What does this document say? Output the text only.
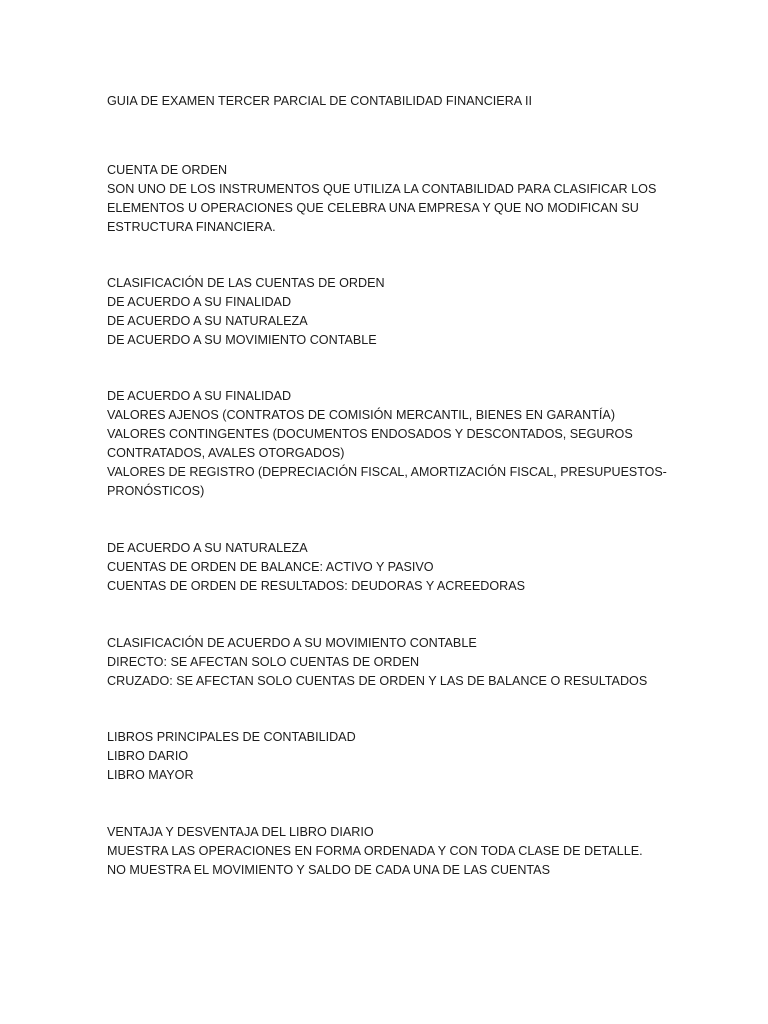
GUIA DE EXAMEN TERCER PARCIAL DE CONTABILIDAD FINANCIERA II

CUENTA DE ORDEN

SON UNO DE LOS INSTRUMENTOS QUE UTILIZA LA CONTABILIDAD PARA CLASIFICAR LOS

ELEMENTOS U OPERACIONES QUE CELEBRA UNA EMPRESA Y QUE NO MODIFICAN SU

ESTRUCTURA FINANCIERA.

CLASIFICACIÓN DE LAS CUENTAS DE ORDEN

DE ACUERDO A SU FINALIDAD

DE ACUERDO A SU NATURALEZA

DE ACUERDO A SU MOVIMIENTO CONTABLE

DE ACUERDO A SU FINALIDAD

VALORES AJENOS (CONTRATOS DE COMISIÓN MERCANTIL, BIENES EN GARANTÍA)

VALORES CONTINGENTES (DOCUMENTOS ENDOSADOS Y DESCONTADOS, SEGUROS

CONTRATADOS, AVALES OTORGADOS)

VALORES DE REGISTRO (DEPRECIACIÓN FISCAL, AMORTIZACIÓN FISCAL, PRESUPUESTOS-

PRONÓSTICOS)

DE ACUERDO A SU NATURALEZA

CUENTAS DE ORDEN DE BALANCE: ACTIVO Y PASIVO

CUENTAS DE ORDEN DE RESULTADOS: DEUDORAS Y ACREEDORAS

CLASIFICACIÓN DE ACUERDO A SU MOVIMIENTO CONTABLE

DIRECTO: SE AFECTAN SOLO CUENTAS DE ORDEN

CRUZADO: SE AFECTAN SOLO CUENTAS DE ORDEN Y LAS DE BALANCE O RESULTADOS

LIBROS PRINCIPALES DE CONTABILIDAD

LIBRO DARIO

LIBRO MAYOR

VENTAJA Y DESVENTAJA DEL LIBRO DIARIO

MUESTRA LAS OPERACIONES EN FORMA ORDENADA Y CON TODA CLASE DE DETALLE.

NO MUESTRA EL MOVIMIENTO Y SALDO DE CADA UNA DE LAS CUENTAS
